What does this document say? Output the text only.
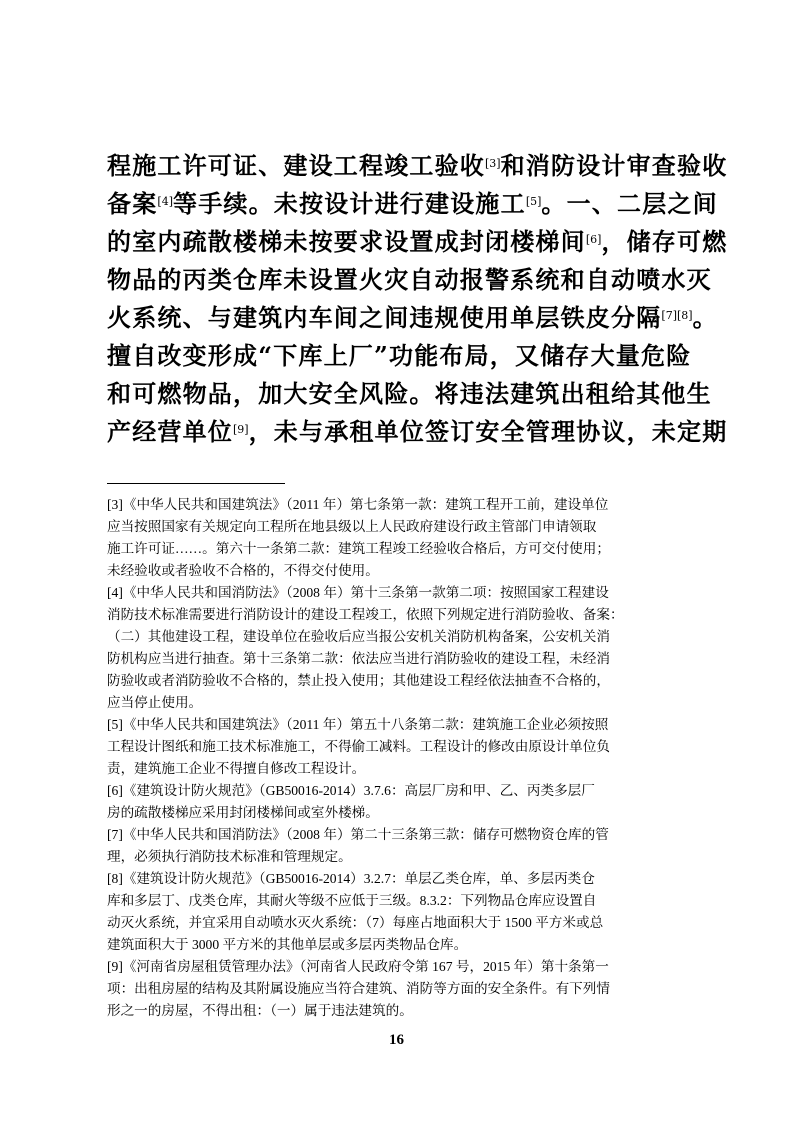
程施工许可证、建设工程竣工验收[3]和消防设计审查验收
备案[4]等手续。未按设计进行建设施工[5]。一、二层之间
的室内疏散楼梯未按要求设置成封闭楼梯间[6]，储存可燃
物品的丙类仓库未设置火灾自动报警系统和自动喷水灭
火系统、与建筑内车间之间违规使用单层铁皮分隔[7][8]。
擅自改变形成“下库上厂”功能布局，又储存大量危险
和可燃物品，加大安全风险。将违法建筑出租给其他生
产经营单位[9]，未与承租单位签订安全管理协议，未定期
[3]《中华人民共和国建筑法》（2011 年）第七条第一款：建筑工程开工前，建设单位
应当按照国家有关规定向工程所在地县级以上人民政府建设行政主管部门申请领取
施工许可证……。第六十一条第二款：建筑工程竣工经验收合格后，方可交付使用；
未经验收或者验收不合格的，不得交付使用。
[4]《中华人民共和国消防法》（2008 年）第十三条第一款第二项：按照国家工程建设
消防技术标准需要进行消防设计的建设工程竣工，依照下列规定进行消防验收、备案：
（二）其他建设工程，建设单位在验收后应当报公安机关消防机构备案，公安机关消
防机构应当进行抽查。第十三条第二款：依法应当进行消防验收的建设工程，未经消
防验收或者消防验收不合格的，禁止投入使用；其他建设工程经依法抽查不合格的，
应当停止使用。
[5]《中华人民共和国建筑法》（2011 年）第五十八条第二款：建筑施工企业必须按照
工程设计图纸和施工技术标准施工，不得偷工减料。工程设计的修改由原设计单位负
责，建筑施工企业不得擅自修改工程设计。
[6]《建筑设计防火规范》（GB50016-2014）3.7.6：高层厂房和甲、乙、丙类多层厂
房的疏散楼梯应采用封闭楼梯间或室外楼梯。
[7]《中华人民共和国消防法》（2008 年）第二十三条第三款：储存可燃物资仓库的管
理，必须执行消防技术标准和管理规定。
[8]《建筑设计防火规范》（GB50016-2014）3.2.7：单层乙类仓库，单、多层丙类仓
库和多层丁、戊类仓库，其耐火等级不应低于三级。8.3.2：下列物品仓库应设置自
动灭火系统，并宜采用自动喷水灭火系统：（7）每座占地面积大于 1500 平方米或总
建筑面积大于 3000 平方米的其他单层或多层丙类物品仓库。
[9]《河南省房屋租赁管理办法》（河南省人民政府令第 167 号，2015 年）第十条第一
项：出租房屋的结构及其附属设施应当符合建筑、消防等方面的安全条件。有下列情
形之一的房屋，不得出租：（一）属于违法建筑的。
16
